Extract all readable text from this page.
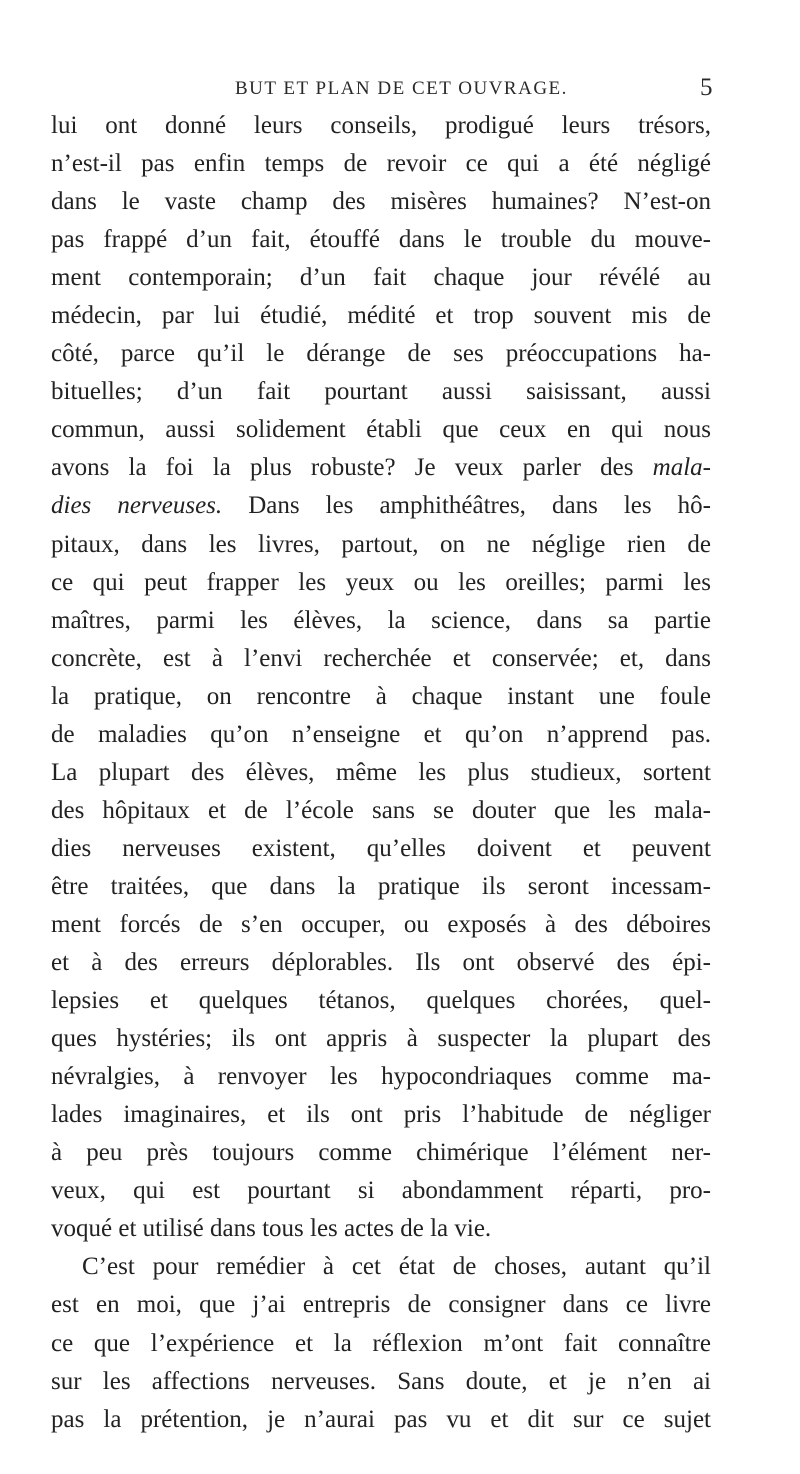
BUT ET PLAN DE CET OUVRAGE.	5
lui ont donné leurs conseils, prodigué leurs trésors,
n’est-il pas enfin temps de revoir ce qui a été négligé
dans le vaste champ des misères humaines? N’est-on
pas frappé d’un fait, étouffé dans le trouble du mouve-
ment contemporain; d’un fait chaque jour révélé au
médecin, par lui étudié, médité et trop souvent mis de
côté, parce qu’il le dérange de ses préoccupations ha-
bituelles; d’un fait pourtant aussi saisissant, aussi
commun, aussi solidement établi que ceux en qui nous
avons la foi la plus robuste? Je veux parler des mala-
dies nerveuses. Dans les amphithéâtres, dans les hô-
pitaux, dans les livres, partout, on ne néglige rien de
ce qui peut frapper les yeux ou les oreilles; parmi les
maîtres, parmi les élèves, la science, dans sa partie
concrète, est à l’envi recherchée et conservée; et, dans
la pratique, on rencontre à chaque instant une foule
de maladies qu’on n’enseigne et qu’on n’apprend pas.
La plupart des élèves, même les plus studieux, sortent
des hôpitaux et de l’école sans se douter que les mala-
dies nerveuses existent, qu’elles doivent et peuvent
être traitées, que dans la pratique ils seront incessam-
ment forcés de s’en occuper, ou exposés à des déboires
et à des erreurs déplorables. Ils ont observé des épi-
lepsies et quelques tétanos, quelques chorées, quel-
ques hystéries; ils ont appris à suspecter la plupart des
névralgies, à renvoyer les hypocondriaques comme ma-
lades imaginaires, et ils ont pris l’habitude de négliger
à peu près toujours comme chimérique l’élément ner-
veux, qui est pourtant si abondamment réparti, pro-
voqué et utilisé dans tous les actes de la vie.
C’est pour remédier à cet état de choses, autant qu’il
est en moi, que j’ai entrepris de consigner dans ce livre
ce que l’expérience et la réflexion m’ont fait connaître
sur les affections nerveuses. Sans doute, et je n’en ai
pas la prétention, je n’aurai pas vu et dit sur ce sujet
